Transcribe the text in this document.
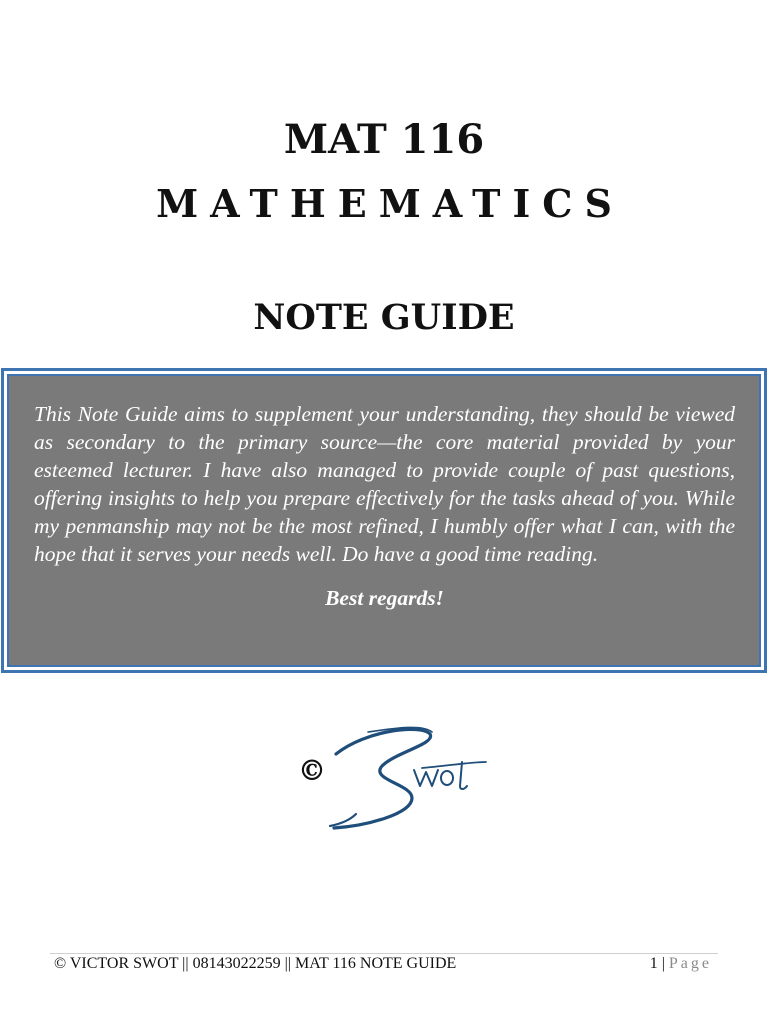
MAT 116
MATHEMATICS
NOTE GUIDE

This Note Guide aims to supplement your understanding, they should be viewed as secondary to the primary source—the core material provided by your esteemed lecturer. I have also managed to provide couple of past questions, offering insights to help you prepare effectively for the tasks ahead of you. While my penmanship may not be the most refined, I humbly offer what I can, with the hope that it serves your needs well. Do have a good time reading.

Best regards!

©
© VICTOR SWOT || 08143022259 || MAT 116 NOTE GUIDE	1 | Page
